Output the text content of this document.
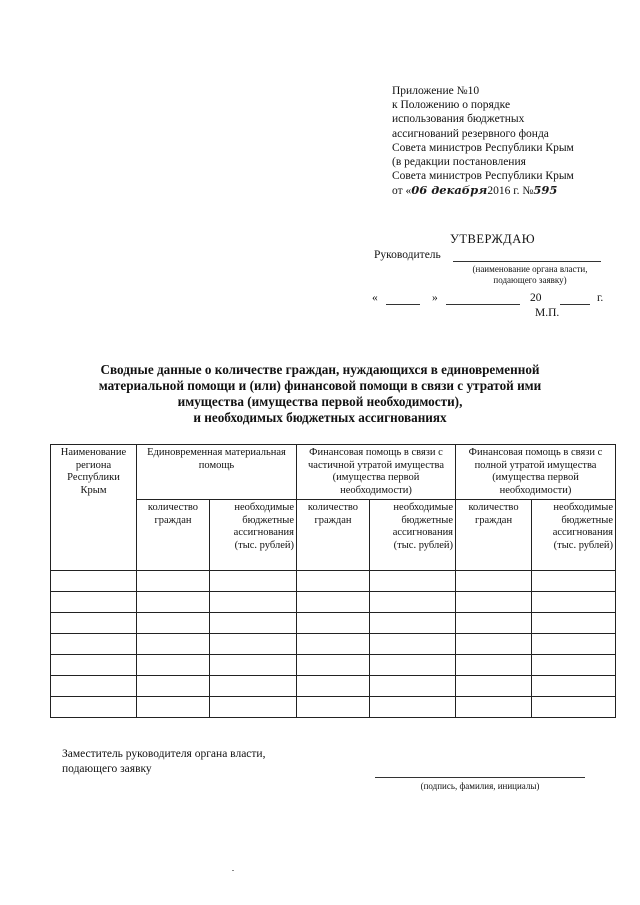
Приложение №10
к Положению о порядке
использования бюджетных
ассигнований резервного фонда
Совета министров Республики Крым
(в редакции постановления
Совета министров Республики Крым
от «06 декабря2016 г. №595
УТВЕРЖДАЮ
Руководитель
(наименование органа власти,
подающего заявку)
«	»	20	г.
М.П.
Сводные данные о количестве граждан, нуждающихся в единовременной
материальной помощи и (или) финансовой помощи в связи с утратой ими
имущества (имущества первой необходимости),
и необходимых бюджетных ассигнованиях
Наименование региона Республики Крым	Единовременная материальная помощь		Финансовая помощь в связи с частичной утратой имущества (имущества первой необходимости)		Финансовая помощь в связи с полной утратой имущества (имущества первой необходимости)	
	количество граждан	необходимые бюджетные ассигнования (тыс. рублей)	количество граждан	необходимые бюджетные ассигнования (тыс. рублей)	количество граждан	необходимые бюджетные ассигнования (тыс. рублей)

Заместитель руководителя органа власти,
подающего заявку
(подпись, фамилия, инициалы)
